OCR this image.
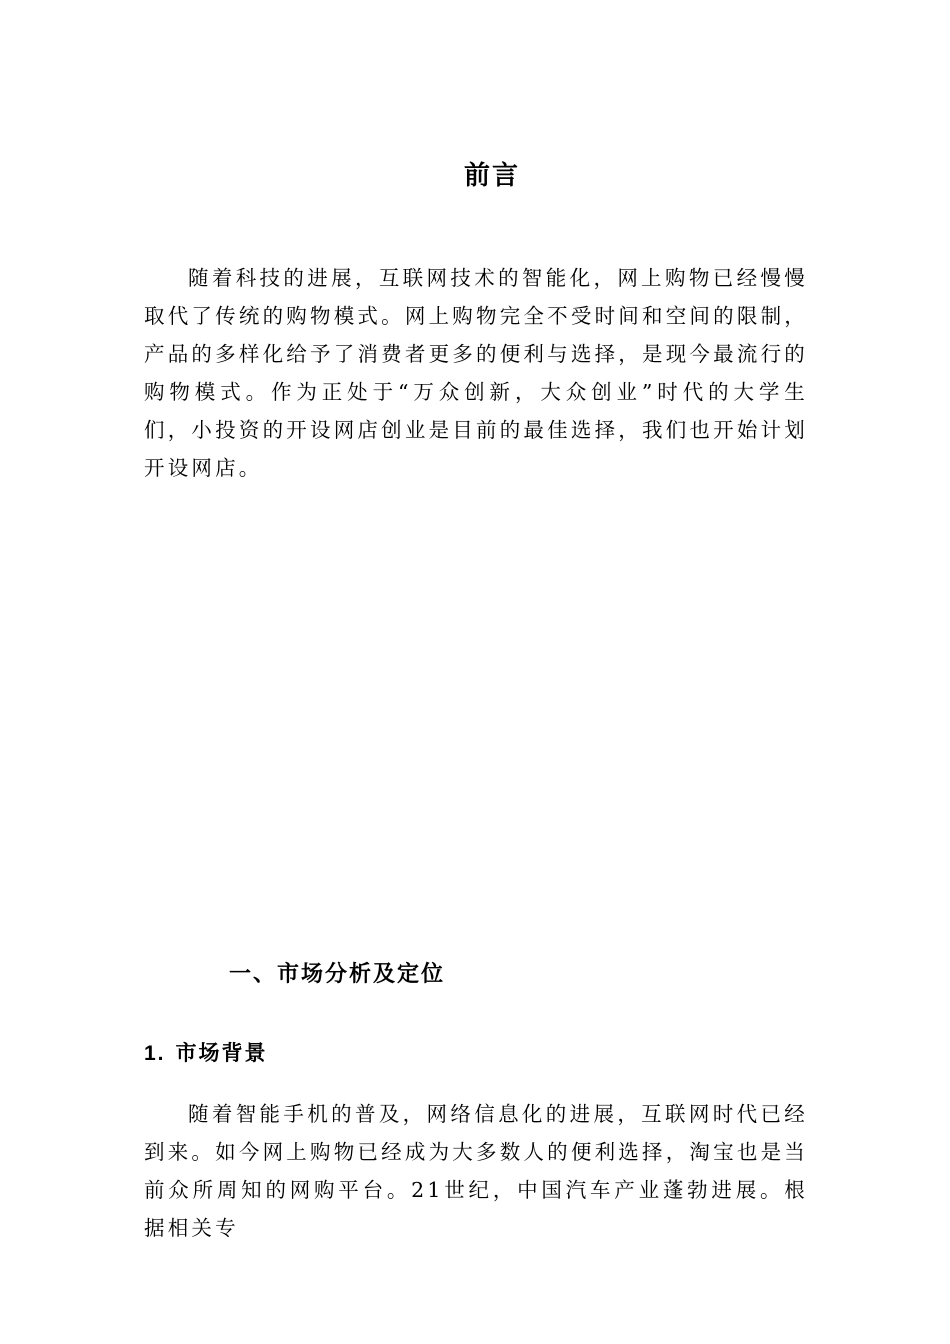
前言

随着科技的进展，互联网技术的智能化，网上购物已经慢慢取代了传统的购物模式。网上购物完全不受时间和空间的限制，产品的多样化给予了消费者更多的便利与选择，是现今最流行的购物模式。作为正处于“万众创新，大众创业”时代的大学生们，小投资的开设网店创业是目前的最佳选择，我们也开始计划开设网店。

一、市场分析及定位
1. 市场背景

随着智能手机的普及，网络信息化的进展，互联网时代已经到来。如今网上购物已经成为大多数人的便利选择，淘宝也是当前众所周知的网购平台。21世纪，中国汽车产业蓬勃进展。根据相关专
